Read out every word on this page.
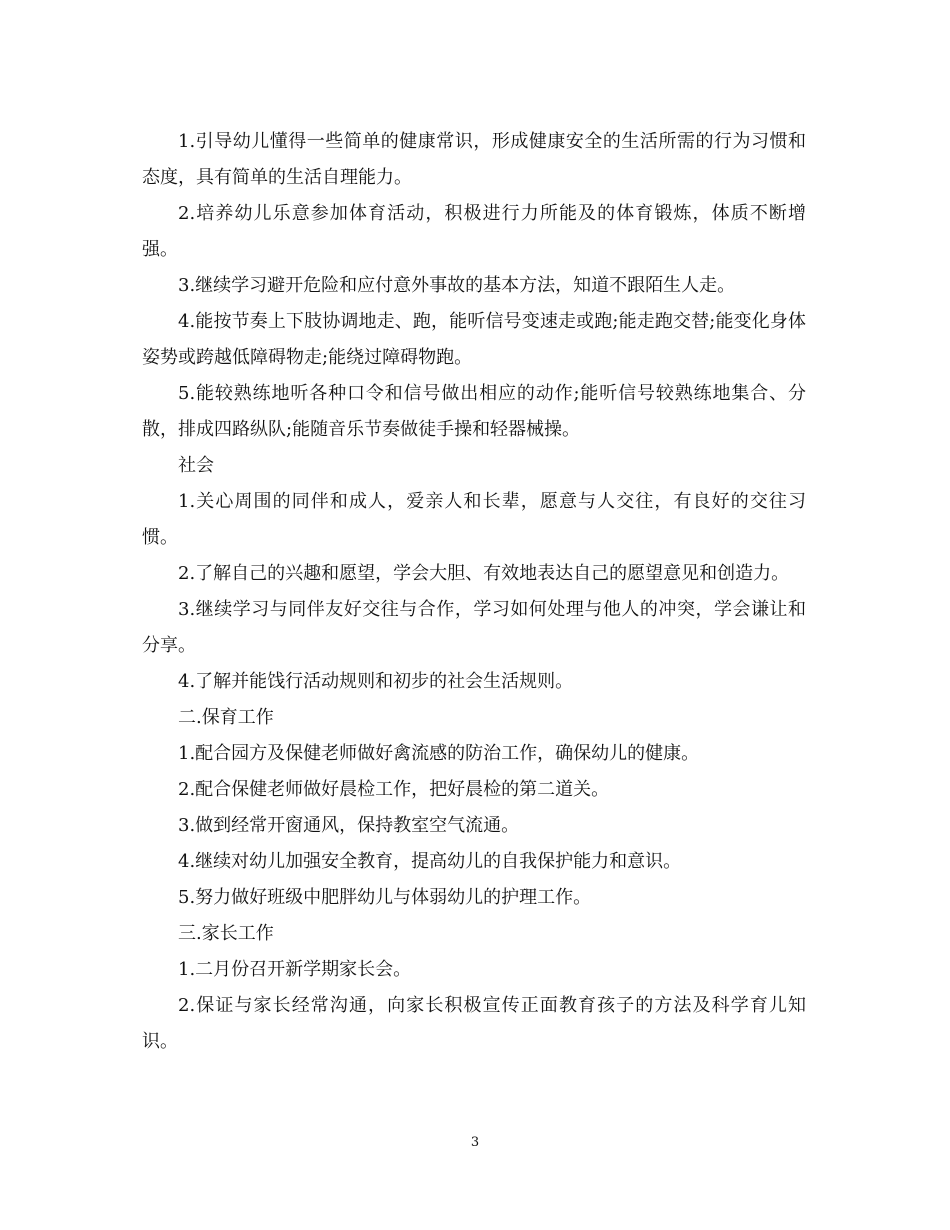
1.引导幼儿懂得一些简单的健康常识，形成健康安全的生活所需的行为习惯和态度，具有简单的生活自理能力。

2.培养幼儿乐意参加体育活动，积极进行力所能及的体育锻炼，体质不断增强。

3.继续学习避开危险和应付意外事故的基本方法，知道不跟陌生人走。

4.能按节奏上下肢协调地走、跑，能听信号变速走或跑;能走跑交替;能变化身体姿势或跨越低障碍物走;能绕过障碍物跑。

5.能较熟练地听各种口令和信号做出相应的动作;能听信号较熟练地集合、分散，排成四路纵队;能随音乐节奏做徒手操和轻器械操。

社会

1.关心周围的同伴和成人，爱亲人和长辈，愿意与人交往，有良好的交往习惯。

2.了解自己的兴趣和愿望，学会大胆、有效地表达自己的愿望意见和创造力。

3.继续学习与同伴友好交往与合作，学习如何处理与他人的冲突，学会谦让和分享。

4.了解并能饯行活动规则和初步的社会生活规则。

二.保育工作

1.配合园方及保健老师做好禽流感的防治工作，确保幼儿的健康。

2.配合保健老师做好晨检工作，把好晨检的第二道关。

3.做到经常开窗通风，保持教室空气流通。

4.继续对幼儿加强安全教育，提高幼儿的自我保护能力和意识。

5.努力做好班级中肥胖幼儿与体弱幼儿的护理工作。

三.家长工作

1.二月份召开新学期家长会。

2.保证与家长经常沟通，向家长积极宣传正面教育孩子的方法及科学育儿知识。

3
